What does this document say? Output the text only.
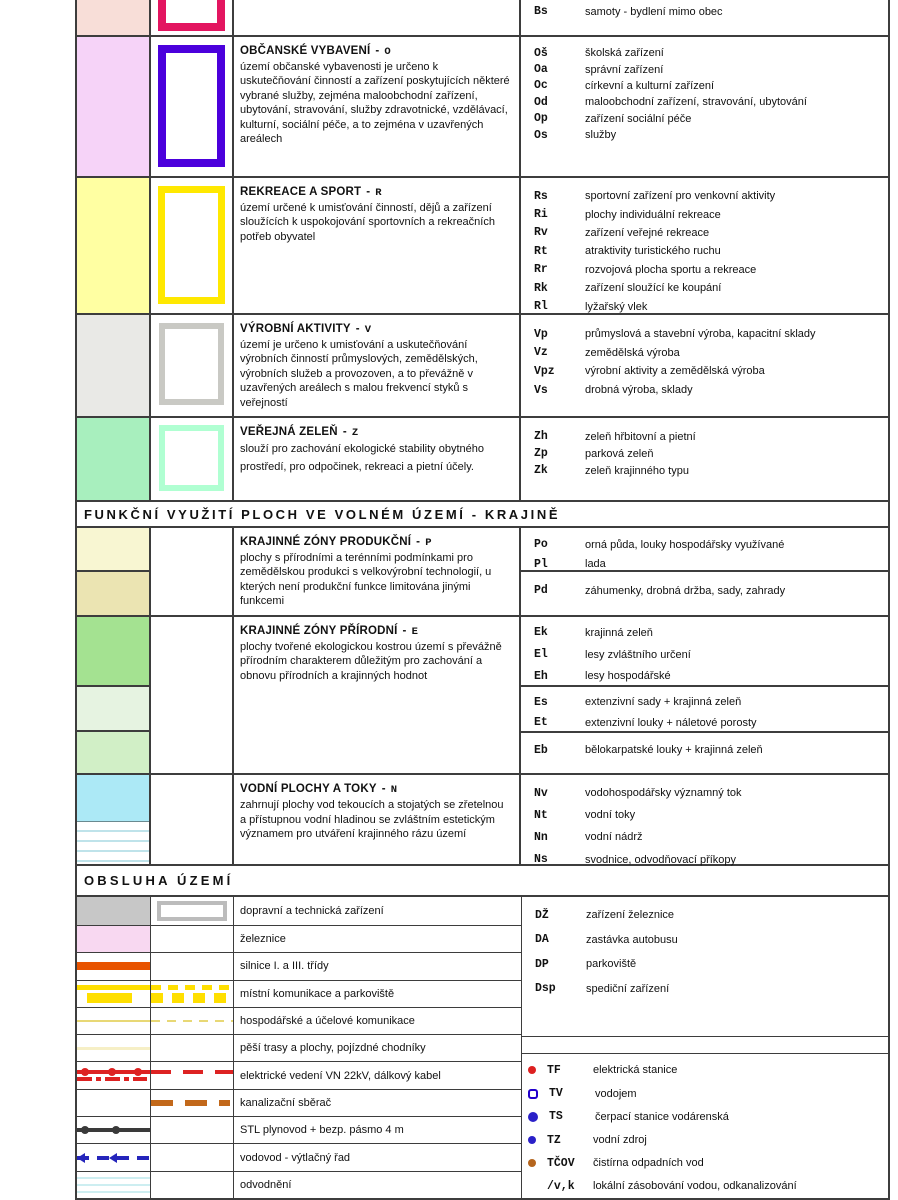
Bs	samoty - bydlení mimo obec
OBČANSKÉ VYBAVENÍ - O
území občanské vybavenosti je určeno k uskutečňování činností a zařízení poskytujících některé vybrané služby, zejména maloobchodní zařízení, ubytování, stravování, služby zdravotnické, vzdělávací, kulturní, sociální péče, a to zejména v uzavřených areálech
Oš	školská zařízení
Oa	správní zařízení
Oc	církevní a kulturní zařízení
Od	maloobchodní zařízení, stravování, ubytování
Op	zařízení sociální péče
Os	služby
REKREACE A SPORT - R
území určené k umisťování činností, dějů a zařízení sloužících k uspokojování sportovních a rekreačních potřeb obyvatel
Rs	sportovní zařízení pro venkovní aktivity
Ri	plochy individuální rekreace
Rv	zařízení veřejné rekreace
Rt	atraktivity turistického ruchu
Rr	rozvojová plocha sportu a rekreace
Rk	zařízení sloužící ke koupání
Rl	lyžařský vlek
VÝROBNÍ AKTIVITY - V
území je určeno k umisťování a uskutečňování výrobních činností průmyslových, zemědělských, výrobních služeb a provozoven, a to převážně v uzavřených areálech s malou frekvencí styků s veřejností
Vp	průmyslová a stavební výroba, kapacitní sklady
Vz	zemědělská výroba
Vpz	výrobní aktivity a zemědělská výroba
Vs	drobná výroba, sklady
VEŘEJNÁ ZELEŇ - Z
slouží pro zachování ekologické stability obytného prostředí, pro odpočinek, rekreaci a pietní účely.
Zh	zeleň hřbitovní a pietní
Zp	parková zeleň
Zk	zeleň krajinného typu
FUNKČNÍ VYUŽITÍ PLOCH VE VOLNÉM ÚZEMÍ - KRAJINĚ
KRAJINNÉ ZÓNY PRODUKČNÍ - P
plochy s přírodními a terénními podmínkami pro zemědělskou produkci s velkovýrobní technologií, u kterých není produkční funkce limitována jinými funkcemi
Po	orná půda, louky hospodářsky využívané
Pl	lada
Pd	záhumenky, drobná držba, sady, zahrady
KRAJINNÉ ZÓNY PŘÍRODNÍ - E
plochy tvořené ekologickou kostrou území s převážně přírodním charakterem důležitým pro zachování a obnovu přírodních a krajinných hodnot
Ek	krajinná zeleň
El	lesy zvláštního určení
Eh	lesy hospodářské
Es	extenzivní sady + krajinná zeleň
Et	extenzivní louky + náletové porosty
Eb	bělokarpatské louky + krajinná zeleň
VODNÍ PLOCHY A TOKY - N
zahrnují plochy vod tekoucích a stojatých se zřetelnou a přístupnou vodní hladinou se zvláštním estetickým významem pro utváření krajinného rázu území
Nv	vodohospodářsky významný tok
Nt	vodní toky
Nn	vodní nádrž
Ns	svodnice, odvodňovací příkopy
OBSLUHA ÚZEMÍ
dopravní a technická zařízení
železnice
silnice I. a III. třídy
místní komunikace a parkoviště
hospodářské a účelové komunikace
pěší trasy a plochy, pojízdné chodníky
elektrické vedení VN 22kV, dálkový kabel
kanalizační sběrač
STL plynovod + bezp. pásmo 4 m
vodovod - výtlačný řad
odvodnění
DŽ	zařízení železnice
DA	zastávka autobusu
DP	parkoviště
Dsp	spediční zařízení
TF	elektrická stanice
TV	vodojem
TS	čerpací stanice vodárenská
TZ	vodní zdroj
TČOV	čistírna odpadních vod
/v,k	lokální zásobování vodou, odkanalizování
